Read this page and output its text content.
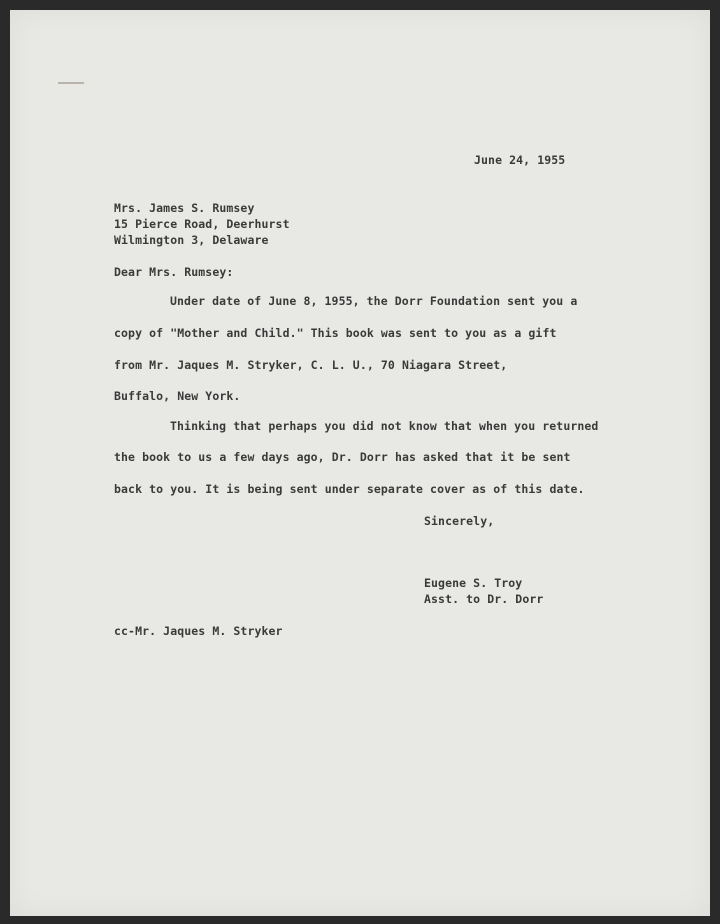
June 24, 1955
Mrs. James S. Rumsey
15 Pierce Road, Deerhurst
Wilmington 3, Delaware
Dear Mrs. Rumsey:
Under date of June 8, 1955, the Dorr Foundation sent you a
copy of "Mother and Child." This book was sent to you as a gift
from Mr. Jaques M. Stryker, C. L. U., 70 Niagara Street,
Buffalo, New York.
Thinking that perhaps you did not know that when you returned
the book to us a few days ago, Dr. Dorr has asked that it be sent
back to you. It is being sent under separate cover as of this date.
Sincerely,
Eugene S. Troy
Asst. to Dr. Dorr
cc-Mr. Jaques M. Stryker
